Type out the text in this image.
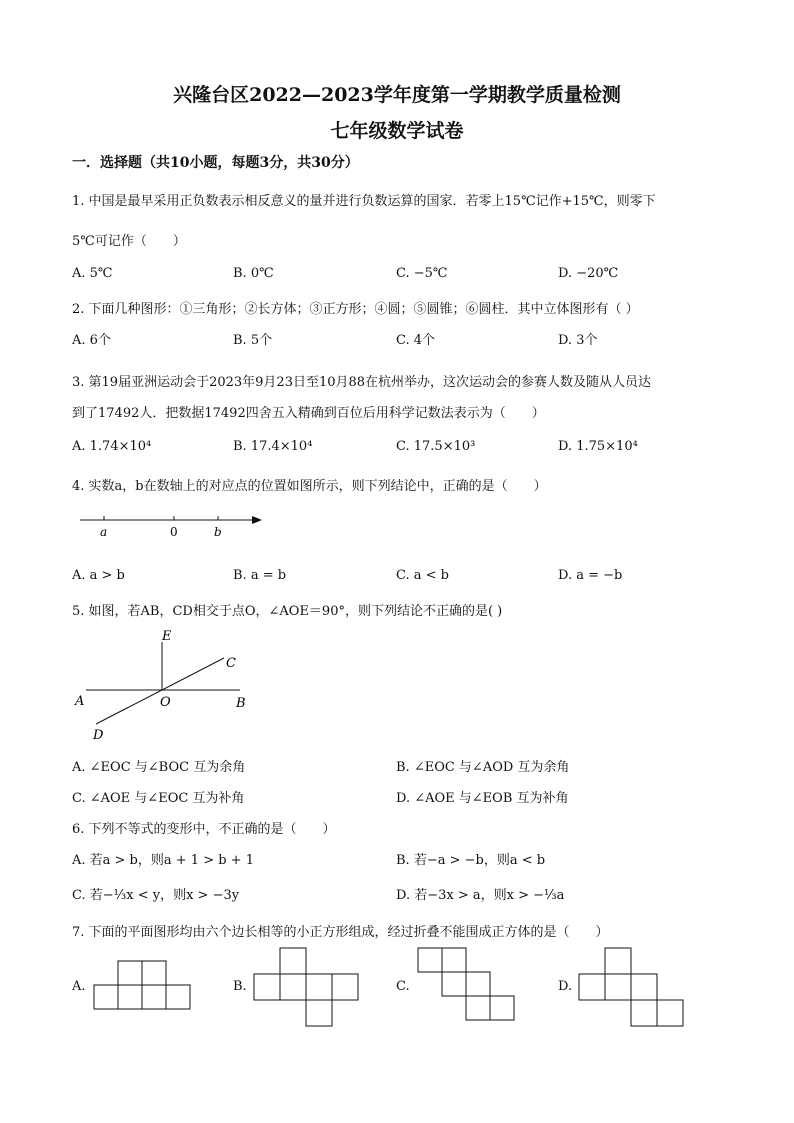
兴隆台区2022—2023学年度第一学期教学质量检测
七年级数学试卷
一．选择题（共10小题，每题3分，共30分）
1. 中国是最早采用正负数表示相反意义的量并进行负数运算的国家．若零上15℃记作+15℃，则零下
5℃可记作（　　）
A. 5℃	B. 0℃	C. −5℃	D. −20℃
2. 下面几种图形：①三角形；②长方体；③正方形；④圆；⑤圆锥；⑥圆柱．其中立体图形有（ ）
A. 6个	B. 5个	C. 4个	D. 3个
3. 第19届亚洲运动会于2023年9月23日至10月88在杭州举办，这次运动会的参赛人数及随从人员达
到了17492人．把数据17492四舍五入精确到百位后用科学记数法表示为（　　）
A. 1.74×10⁴	B. 17.4×10⁴	C. 17.5×10³	D. 1.75×10⁴
4. 实数a，b在数轴上的对应点的位置如图所示，则下列结论中，正确的是（　　）
a	0	b
A. a > b	B. a = b	C. a < b	D. a = −b
5. 如图，若AB，CD相交于点O，∠AOE＝90°，则下列结论不正确的是( )
E
C
A	O	B
D
A. ∠EOC 与∠BOC 互为余角	B. ∠EOC 与∠AOD 互为余角
C. ∠AOE 与∠EOC 互为补角	D. ∠AOE 与∠EOB 互为补角
6. 下列不等式的变形中，不正确的是（　　）
A. 若a > b，则a + 1 > b + 1	B. 若−a > −b，则a < b
C. 若−⅓x < y，则x > −3y	D. 若−3x > a，则x > −⅓a
7. 下面的平面图形均由六个边长相等的小正方形组成，经过折叠不能围成正方体的是（　　）
A.	B.	C.	D.
